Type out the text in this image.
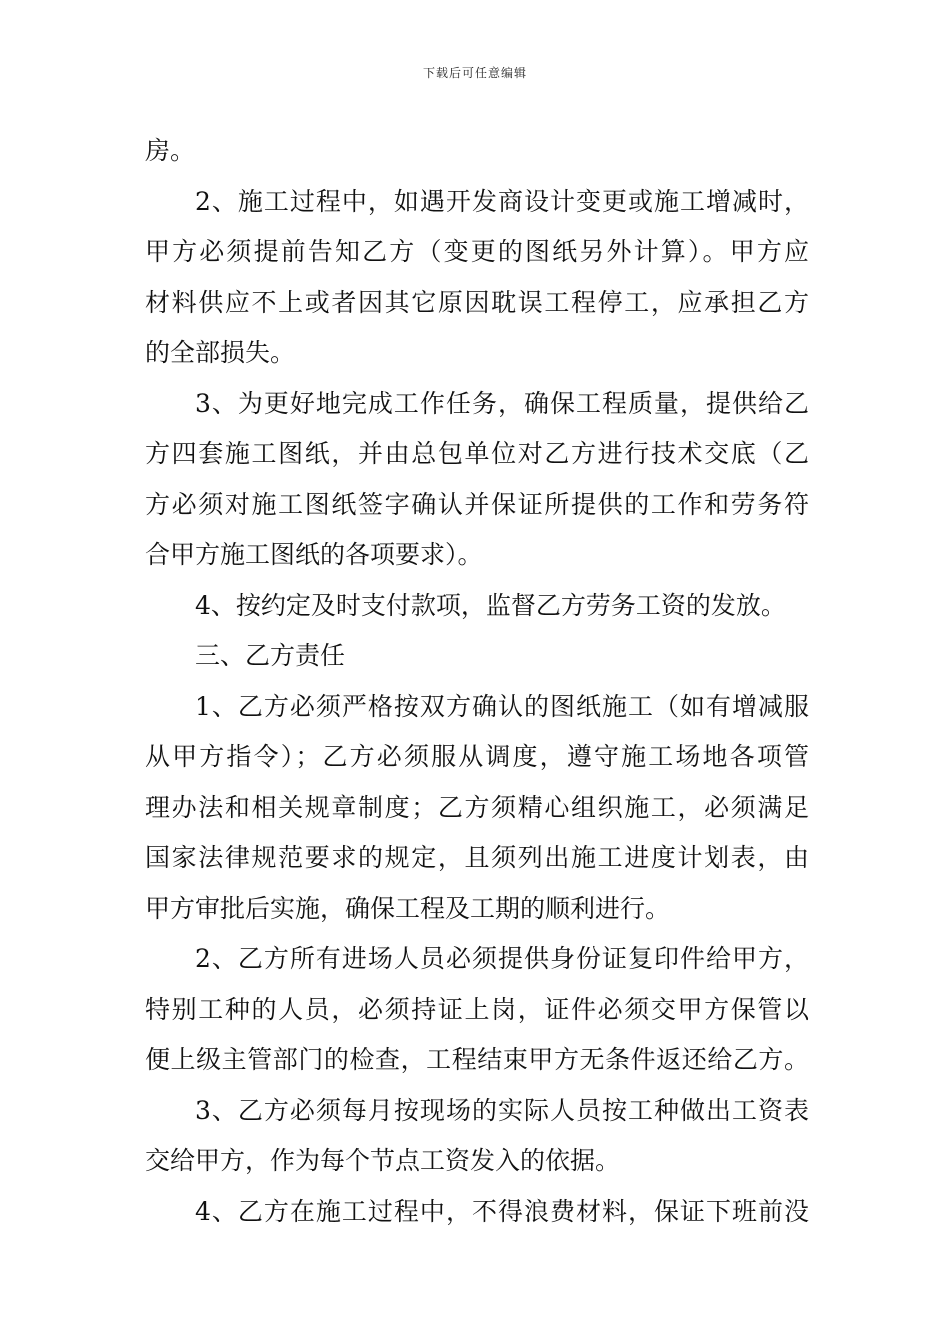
下载后可任意编辑
房。
2、施工过程中，如遇开发商设计变更或施工增减时，
甲方必须提前告知乙方（变更的图纸另外计算）。甲方应
材料供应不上或者因其它原因耽误工程停工，应承担乙方
的全部损失。
3、为更好地完成工作任务，确保工程质量，提供给乙
方四套施工图纸，并由总包单位对乙方进行技术交底（乙
方必须对施工图纸签字确认并保证所提供的工作和劳务符
合甲方施工图纸的各项要求）。
4、按约定及时支付款项，监督乙方劳务工资的发放。
三、乙方责任
1、乙方必须严格按双方确认的图纸施工（如有增减服
从甲方指令）；乙方必须服从调度，遵守施工场地各项管
理办法和相关规章制度；乙方须精心组织施工，必须满足
国家法律规范要求的规定，且须列出施工进度计划表，由
甲方审批后实施，确保工程及工期的顺利进行。
2、乙方所有进场人员必须提供身份证复印件给甲方，
特别工种的人员，必须持证上岗，证件必须交甲方保管以
便上级主管部门的检查，工程结束甲方无条件返还给乙方。
3、乙方必须每月按现场的实际人员按工种做出工资表
交给甲方，作为每个节点工资发入的依据。
4、乙方在施工过程中，不得浪费材料，保证下班前没
